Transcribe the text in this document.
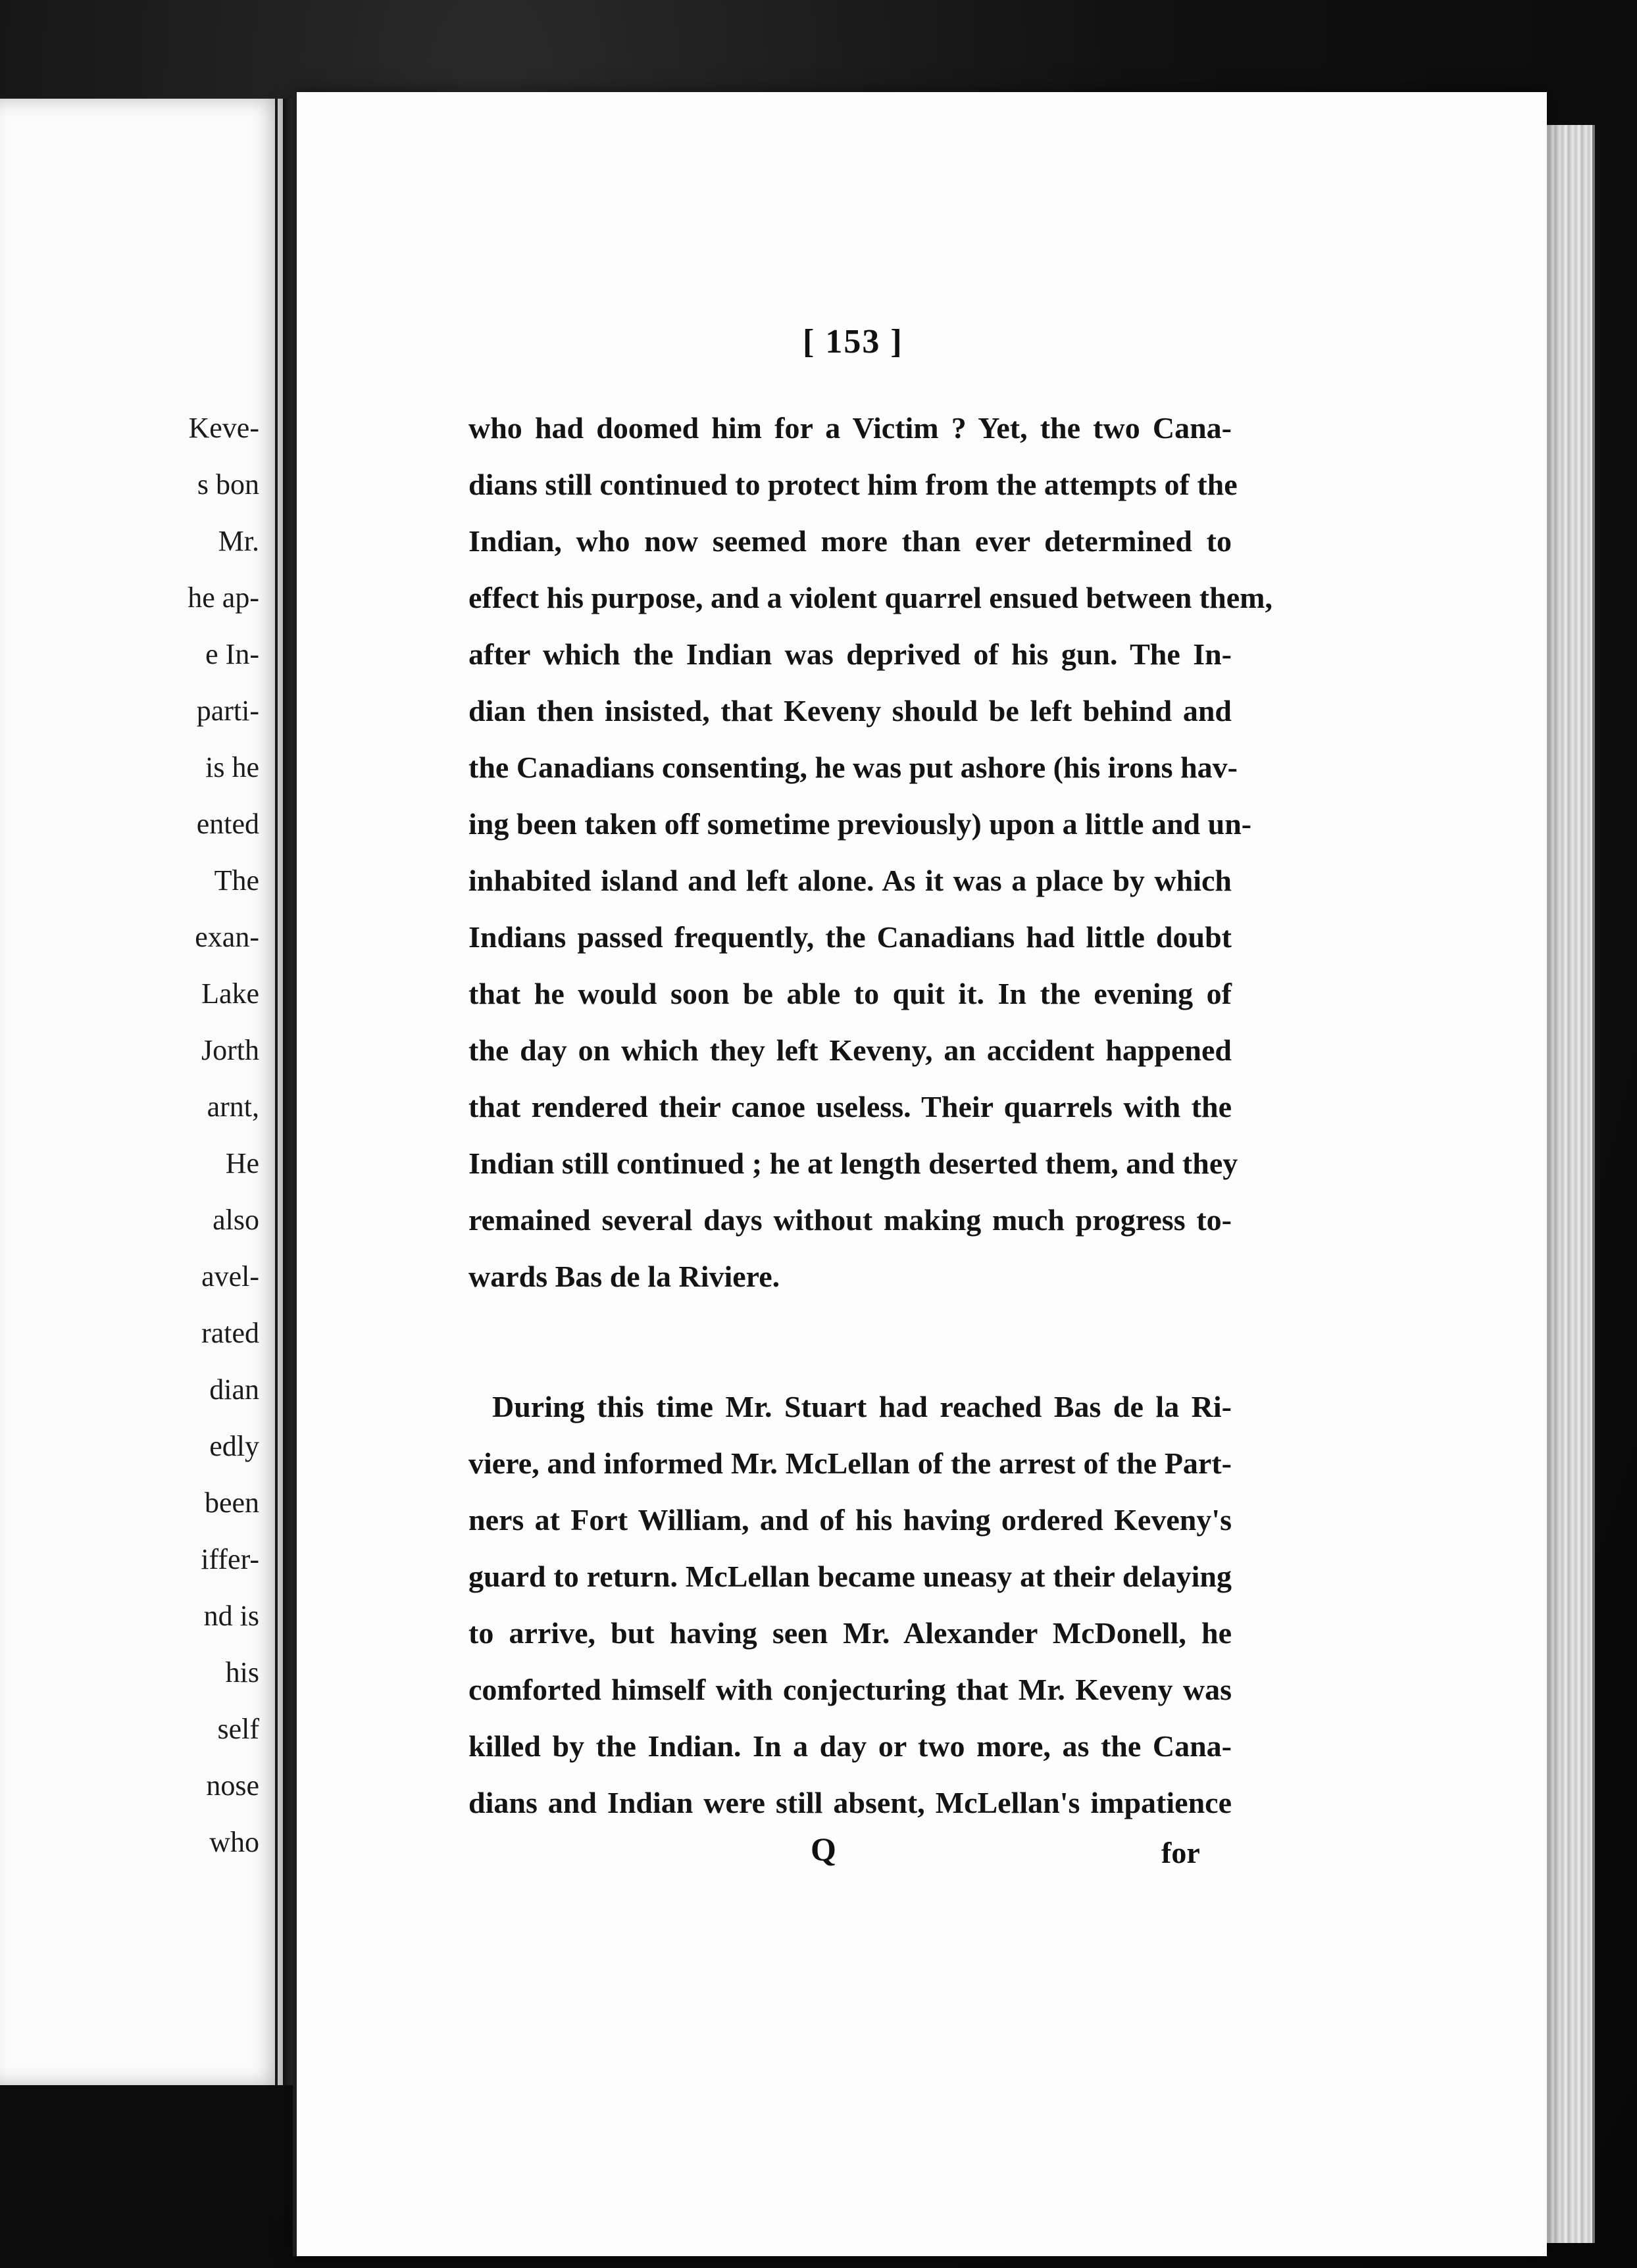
Keve-
s bon
Mr.
he ap-
e In-
parti-
is he
ented
The
exan-
Lake
Jorth
arnt,
He
also
avel-
rated
dian
edly
been
iffer-
nd is
his
self
nose
who
[ 153 ]
who had doomed him for a Victim ? Yet, the two Cana-
dians still continued to protect him from the attempts of the
Indian, who now seemed more than ever determined to
effect his purpose, and a violent quarrel ensued between them,
after which the Indian was deprived of his gun. The In-
dian then insisted, that Keveny should be left behind and
the Canadians consenting, he was put ashore (his irons hav-
ing been taken off sometime previously) upon a little and un-
inhabited island and left alone. As it was a place by which
Indians passed frequently, the Canadians had little doubt
that he would soon be able to quit it. In the evening of
the day on which they left Keveny, an accident happened
that rendered their canoe useless. Their quarrels with the
Indian still continued ; he at length deserted them, and they
remained several days without making much progress to-
wards Bas de la Riviere.
During this time Mr. Stuart had reached Bas de la Ri-
viere, and informed Mr. McLellan of the arrest of the Part-
ners at Fort William, and of his having ordered Keveny's
guard to return. McLellan became uneasy at their delaying
to arrive, but having seen Mr. Alexander McDonell, he
comforted himself with conjecturing that Mr. Keveny was
killed by the Indian. In a day or two more, as the Cana-
dians and Indian were still absent, McLellan's impatience
Q	for
